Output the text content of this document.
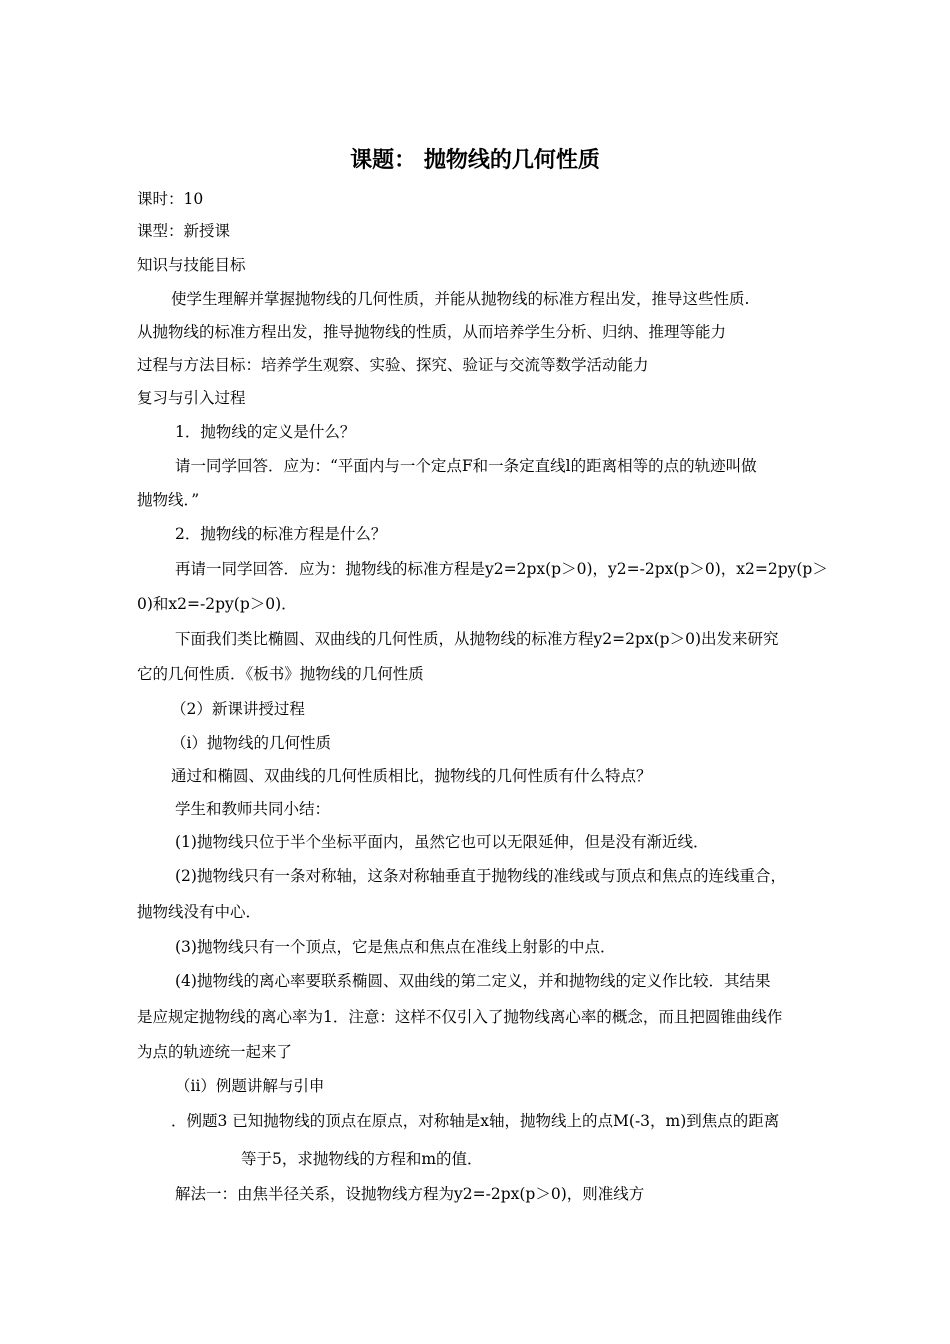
课题： 抛物线的几何性质
课时：10
课型：新授课
知识与技能目标
使学生理解并掌握抛物线的几何性质，并能从抛物线的标准方程出发，推导这些性质.
从抛物线的标准方程出发，推导抛物线的性质，从而培养学生分析、归纳、推理等能力
过程与方法目标：培养学生观察、实验、探究、验证与交流等数学活动能力
复习与引入过程
1．抛物线的定义是什么？
请一同学回答．应为：“平面内与一个定点F和一条定直线l的距离相等的点的轨迹叫做
抛物线．”
2．抛物线的标准方程是什么？
再请一同学回答．应为：抛物线的标准方程是y2=2px(p＞0)，y2=-2px(p＞0)，x2=2py(p＞
0)和x2=-2py(p＞0)．
下面我们类比椭圆、双曲线的几何性质，从抛物线的标准方程y2=2px(p＞0)出发来研究
它的几何性质．《板书》抛物线的几何性质
（2）新课讲授过程
（i）抛物线的几何性质
通过和椭圆、双曲线的几何性质相比，抛物线的几何性质有什么特点？
学生和教师共同小结：
(1)抛物线只位于半个坐标平面内，虽然它也可以无限延伸，但是没有渐近线．
(2)抛物线只有一条对称轴，这条对称轴垂直于抛物线的准线或与顶点和焦点的连线重合，
抛物线没有中心．
(3)抛物线只有一个顶点，它是焦点和焦点在准线上射影的中点．
(4)抛物线的离心率要联系椭圆、双曲线的第二定义，并和抛物线的定义作比较．其结果
是应规定抛物线的离心率为1．注意：这样不仅引入了抛物线离心率的概念，而且把圆锥曲线作
为点的轨迹统一起来了
（ii）例题讲解与引申
．例题3 已知抛物线的顶点在原点，对称轴是x轴，抛物线上的点M(-3，m)到焦点的距离
等于5，求抛物线的方程和m的值．
解法一：由焦半径关系，设抛物线方程为y2=-2px(p＞0)，则准线方
